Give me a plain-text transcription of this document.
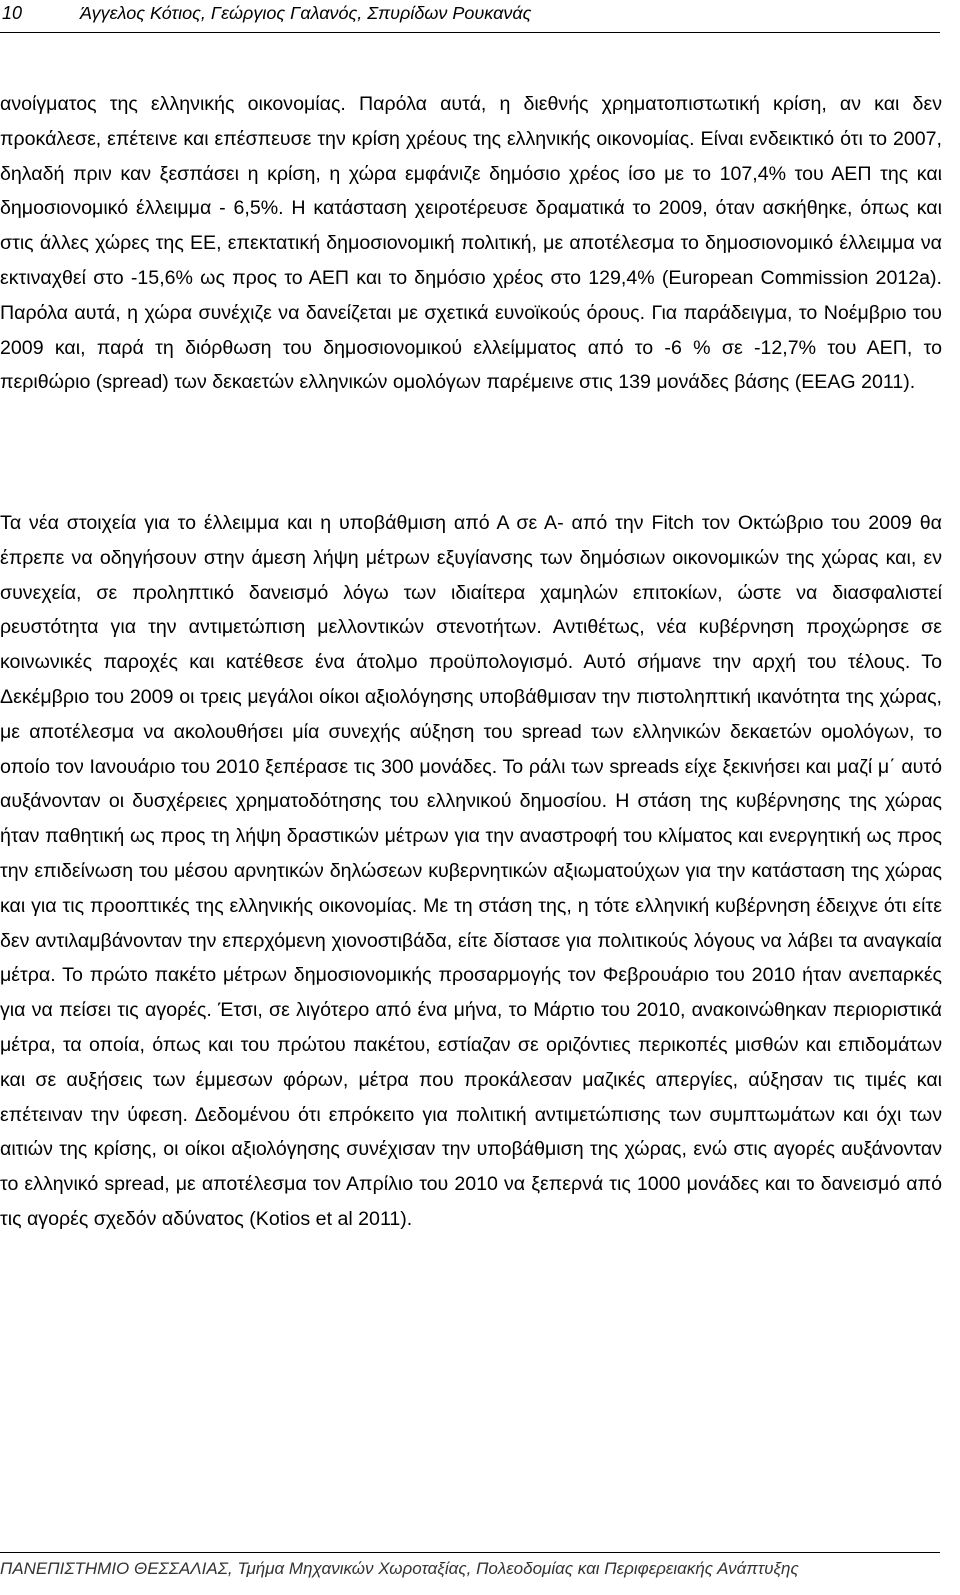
10	Άγγελος Κότιος, Γεώργιος Γαλανός, Σπυρίδων Ρουκανάς

ανοίγματος της ελληνικής οικονομίας. Παρόλα αυτά, η διεθνής χρηματοπιστωτική κρίση, αν και δεν προκάλεσε, επέτεινε και επέσπευσε την κρίση χρέους της ελληνικής οικονομίας. Είναι ενδεικτικό ότι το 2007, δηλαδή πριν καν ξεσπάσει η κρίση, η χώρα εμφάνιζε δημόσιο χρέος ίσο με το 107,4% του ΑΕΠ της και δημοσιονομικό έλλειμμα - 6,5%. Η κατάσταση χειροτέρευσε δραματικά το 2009, όταν ασκήθηκε, όπως και στις άλλες χώρες της ΕΕ, επεκτατική δημοσιονομική πολιτική, με αποτέλεσμα το δημοσιονομικό έλλειμμα να εκτιναχθεί στο -15,6% ως προς το ΑΕΠ και το δημόσιο χρέος στο 129,4% (European Commission 2012a). Παρόλα αυτά, η χώρα συνέχιζε να δανείζεται με σχετικά ευνοϊκούς όρους. Για παράδειγμα, το Νοέμβριο του 2009 και, παρά τη διόρθωση του δημοσιονομικού ελλείμματος από το -6 % σε -12,7% του ΑΕΠ, το περιθώριο (spread) των δεκαετών ελληνικών ομολόγων παρέμεινε στις 139 μονάδες βάσης (EEAG 2011).

Τα νέα στοιχεία για το έλλειμμα και η υποβάθμιση από Α σε Α- από την Fitch τον Οκτώβριο του 2009 θα έπρεπε να οδηγήσουν στην άμεση λήψη μέτρων εξυγίανσης των δημόσιων οικονομικών της χώρας και, εν συνεχεία, σε προληπτικό δανεισμό λόγω των ιδιαίτερα χαμηλών επιτοκίων, ώστε να διασφαλιστεί ρευστότητα για την αντιμετώπιση μελλοντικών στενοτήτων. Αντιθέτως, νέα κυβέρνηση προχώρησε σε κοινωνικές παροχές και κατέθεσε ένα άτολμο προϋπολογισμό. Αυτό σήμανε την αρχή του τέλους. Το Δεκέμβριο του 2009 οι τρεις μεγάλοι οίκοι αξιολόγησης υποβάθμισαν την πιστοληπτική ικανότητα της χώρας, με αποτέλεσμα να ακολουθήσει μία συνεχής αύξηση του spread των ελληνικών δεκαετών ομολόγων, το οποίο τον Ιανουάριο του 2010 ξεπέρασε τις 300 μονάδες. Το ράλι των spreads είχε ξεκινήσει και μαζί μ΄ αυτό αυξάνονταν οι δυσχέρειες χρηματοδότησης του ελληνικού δημοσίου. Η στάση της κυβέρνησης της χώρας ήταν παθητική ως προς τη λήψη δραστικών μέτρων για την αναστροφή του κλίματος και ενεργητική ως προς την επιδείνωση του μέσου αρνητικών δηλώσεων κυβερνητικών αξιωματούχων για την κατάσταση της χώρας και για τις προοπτικές της ελληνικής οικονομίας. Με τη στάση της, η τότε ελληνική κυβέρνηση έδειχνε ότι είτε δεν αντιλαμβάνονταν την επερχόμενη χιονοστιβάδα, είτε δίστασε για πολιτικούς λόγους να λάβει τα αναγκαία μέτρα. Το πρώτο πακέτο μέτρων δημοσιονομικής προσαρμογής τον Φεβρουάριο του 2010 ήταν ανεπαρκές για να πείσει τις αγορές. Έτσι, σε λιγότερο από ένα μήνα, το Μάρτιο του 2010, ανακοινώθηκαν περιοριστικά μέτρα, τα οποία, όπως και του πρώτου πακέτου, εστίαζαν σε οριζόντιες περικοπές μισθών και επιδομάτων και σε αυξήσεις των έμμεσων φόρων, μέτρα που προκάλεσαν μαζικές απεργίες, αύξησαν τις τιμές και επέτειναν την ύφεση. Δεδομένου ότι επρόκειτο για πολιτική αντιμετώπισης των συμπτωμάτων και όχι των αιτιών της κρίσης, οι οίκοι αξιολόγησης συνέχισαν την υποβάθμιση της χώρας, ενώ στις αγορές αυξάνονταν το ελληνικό spread, με αποτέλεσμα τον Απρίλιο του 2010 να ξεπερνά τις 1000 μονάδες και το δανεισμό από τις αγορές σχεδόν αδύνατος (Kotios et al 2011).

ΠΑΝΕΠΙΣΤΗΜΙΟ ΘΕΣΣΑΛΙΑΣ, Τμήμα Μηχανικών Χωροταξίας, Πολεοδομίας και Περιφερειακής Ανάπτυξης
